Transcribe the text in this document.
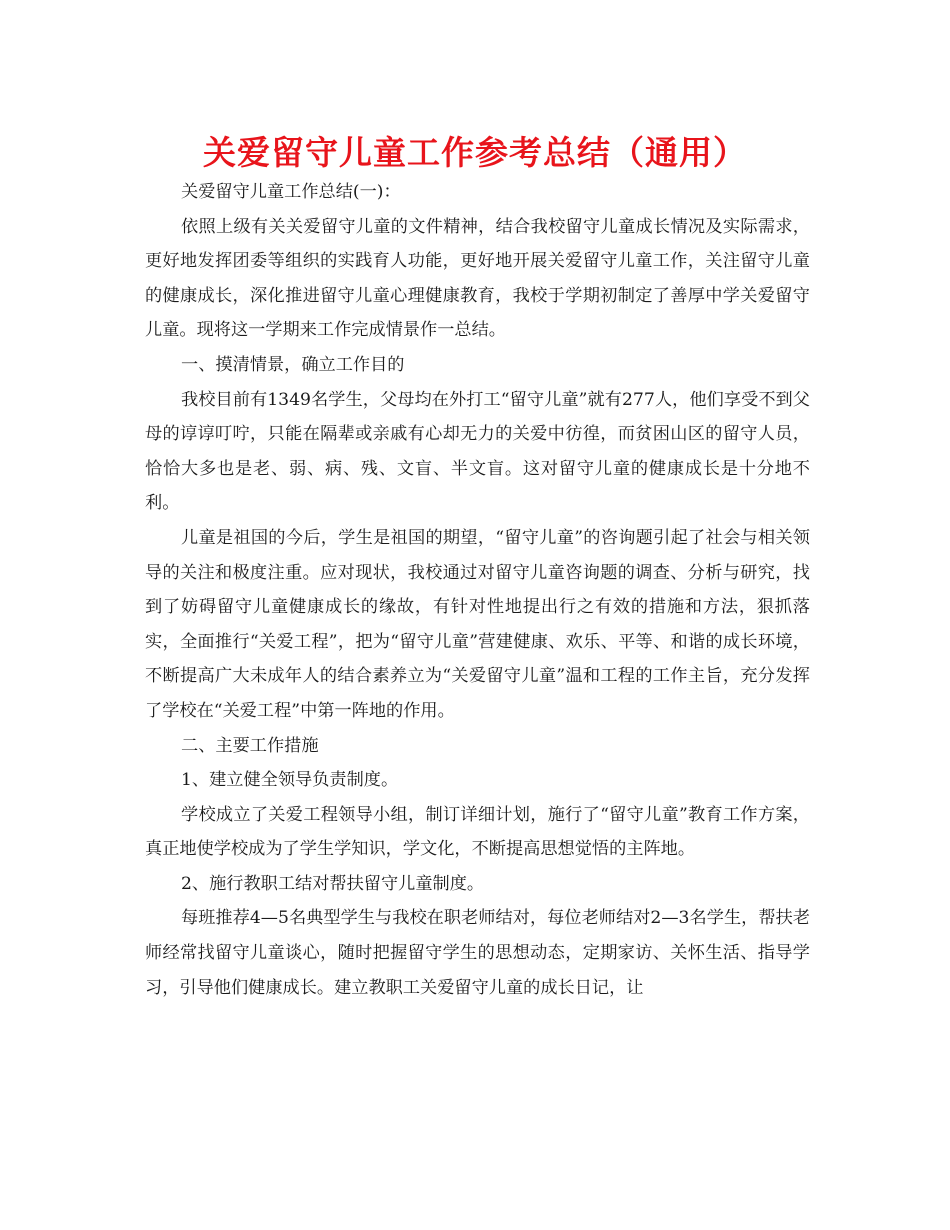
关爱留守儿童工作参考总结（通用）

关爱留守儿童工作总结(一)：

依照上级有关关爱留守儿童的文件精神，结合我校留守儿童成长情况及实际需求，更好地发挥团委等组织的实践育人功能，更好地开展关爱留守儿童工作，关注留守儿童的健康成长，深化推进留守儿童心理健康教育，我校于学期初制定了善厚中学关爱留守儿童。现将这一学期来工作完成情景作一总结。

一、摸清情景，确立工作目的

我校目前有1349名学生，父母均在外打工“留守儿童”就有277人，他们享受不到父母的谆谆叮咛，只能在隔辈或亲戚有心却无力的关爱中彷徨，而贫困山区的留守人员，恰恰大多也是老、弱、病、残、文盲、半文盲。这对留守儿童的健康成长是十分地不利。

儿童是祖国的今后，学生是祖国的期望，“留守儿童”的咨询题引起了社会与相关领导的关注和极度注重。应对现状，我校通过对留守儿童咨询题的调查、分析与研究，找到了妨碍留守儿童健康成长的缘故，有针对性地提出行之有效的措施和方法，狠抓落实，全面推行“关爱工程”，把为“留守儿童”营建健康、欢乐、平等、和谐的成长环境，不断提高广大未成年人的结合素养立为“关爱留守儿童”温和工程的工作主旨，充分发挥了学校在“关爱工程”中第一阵地的作用。

二、主要工作措施

1、建立健全领导负责制度。

学校成立了关爱工程领导小组，制订详细计划，施行了“留守儿童”教育工作方案，真正地使学校成为了学生学知识，学文化，不断提高思想觉悟的主阵地。

2、施行教职工结对帮扶留守儿童制度。

每班推荐4—5名典型学生与我校在职老师结对，每位老师结对2—3名学生，帮扶老师经常找留守儿童谈心，随时把握留守学生的思想动态，定期家访、关怀生活、指导学习，引导他们健康成长。建立教职工关爱留守儿童的成长日记，让
